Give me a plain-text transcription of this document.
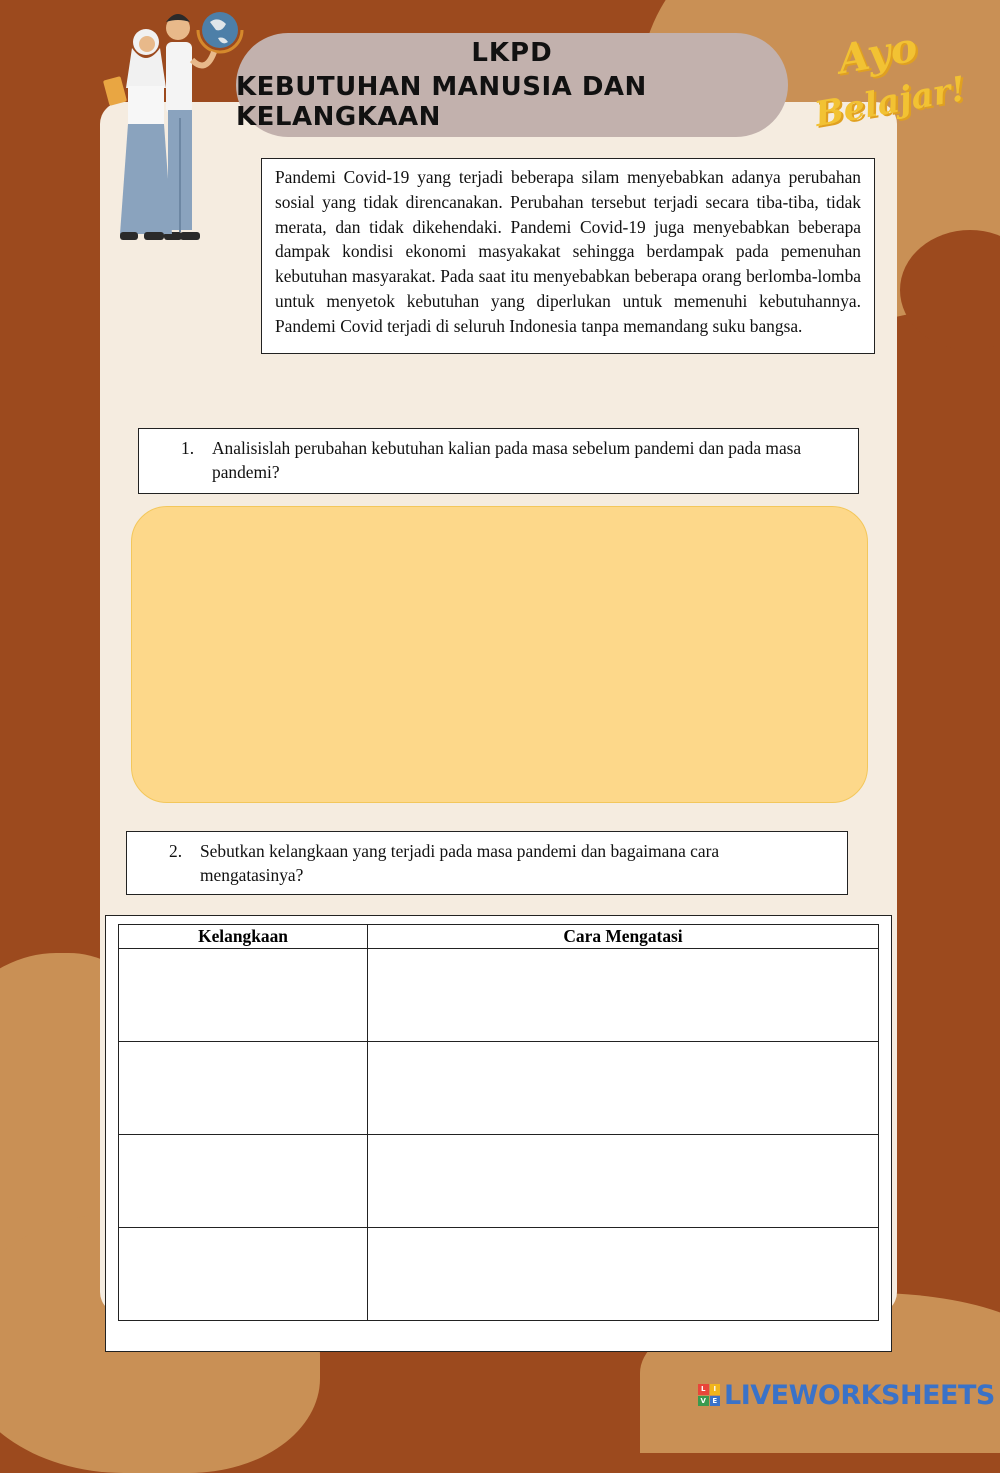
LKPD
KEBUTUHAN MANUSIA DAN KELANGKAAN
Ayo
Belajar!
Pandemi Covid-19 yang terjadi beberapa silam menyebabkan adanya perubahan sosial yang tidak direncanakan. Perubahan tersebut terjadi secara tiba-tiba, tidak merata, dan tidak dikehendaki. Pandemi Covid-19 juga menyebabkan beberapa dampak kondisi ekonomi masyakakat sehingga berdampak pada pemenuhan kebutuhan masyarakat. Pada saat itu menyebabkan beberapa orang berlomba-lomba untuk menyetok kebutuhan yang diperlukan untuk memenuhi kebutuhannya. Pandemi Covid terjadi di seluruh Indonesia tanpa memandang suku bangsa.
1.	Analisislah perubahan kebutuhan kalian pada masa sebelum pandemi dan pada masa pandemi?
2.	Sebutkan kelangkaan yang terjadi pada masa pandemi dan bagaimana cara mengatasinya?
Kelangkaan	Cara Mengatasi

L	I
V E LIVEWORKSHEETS
